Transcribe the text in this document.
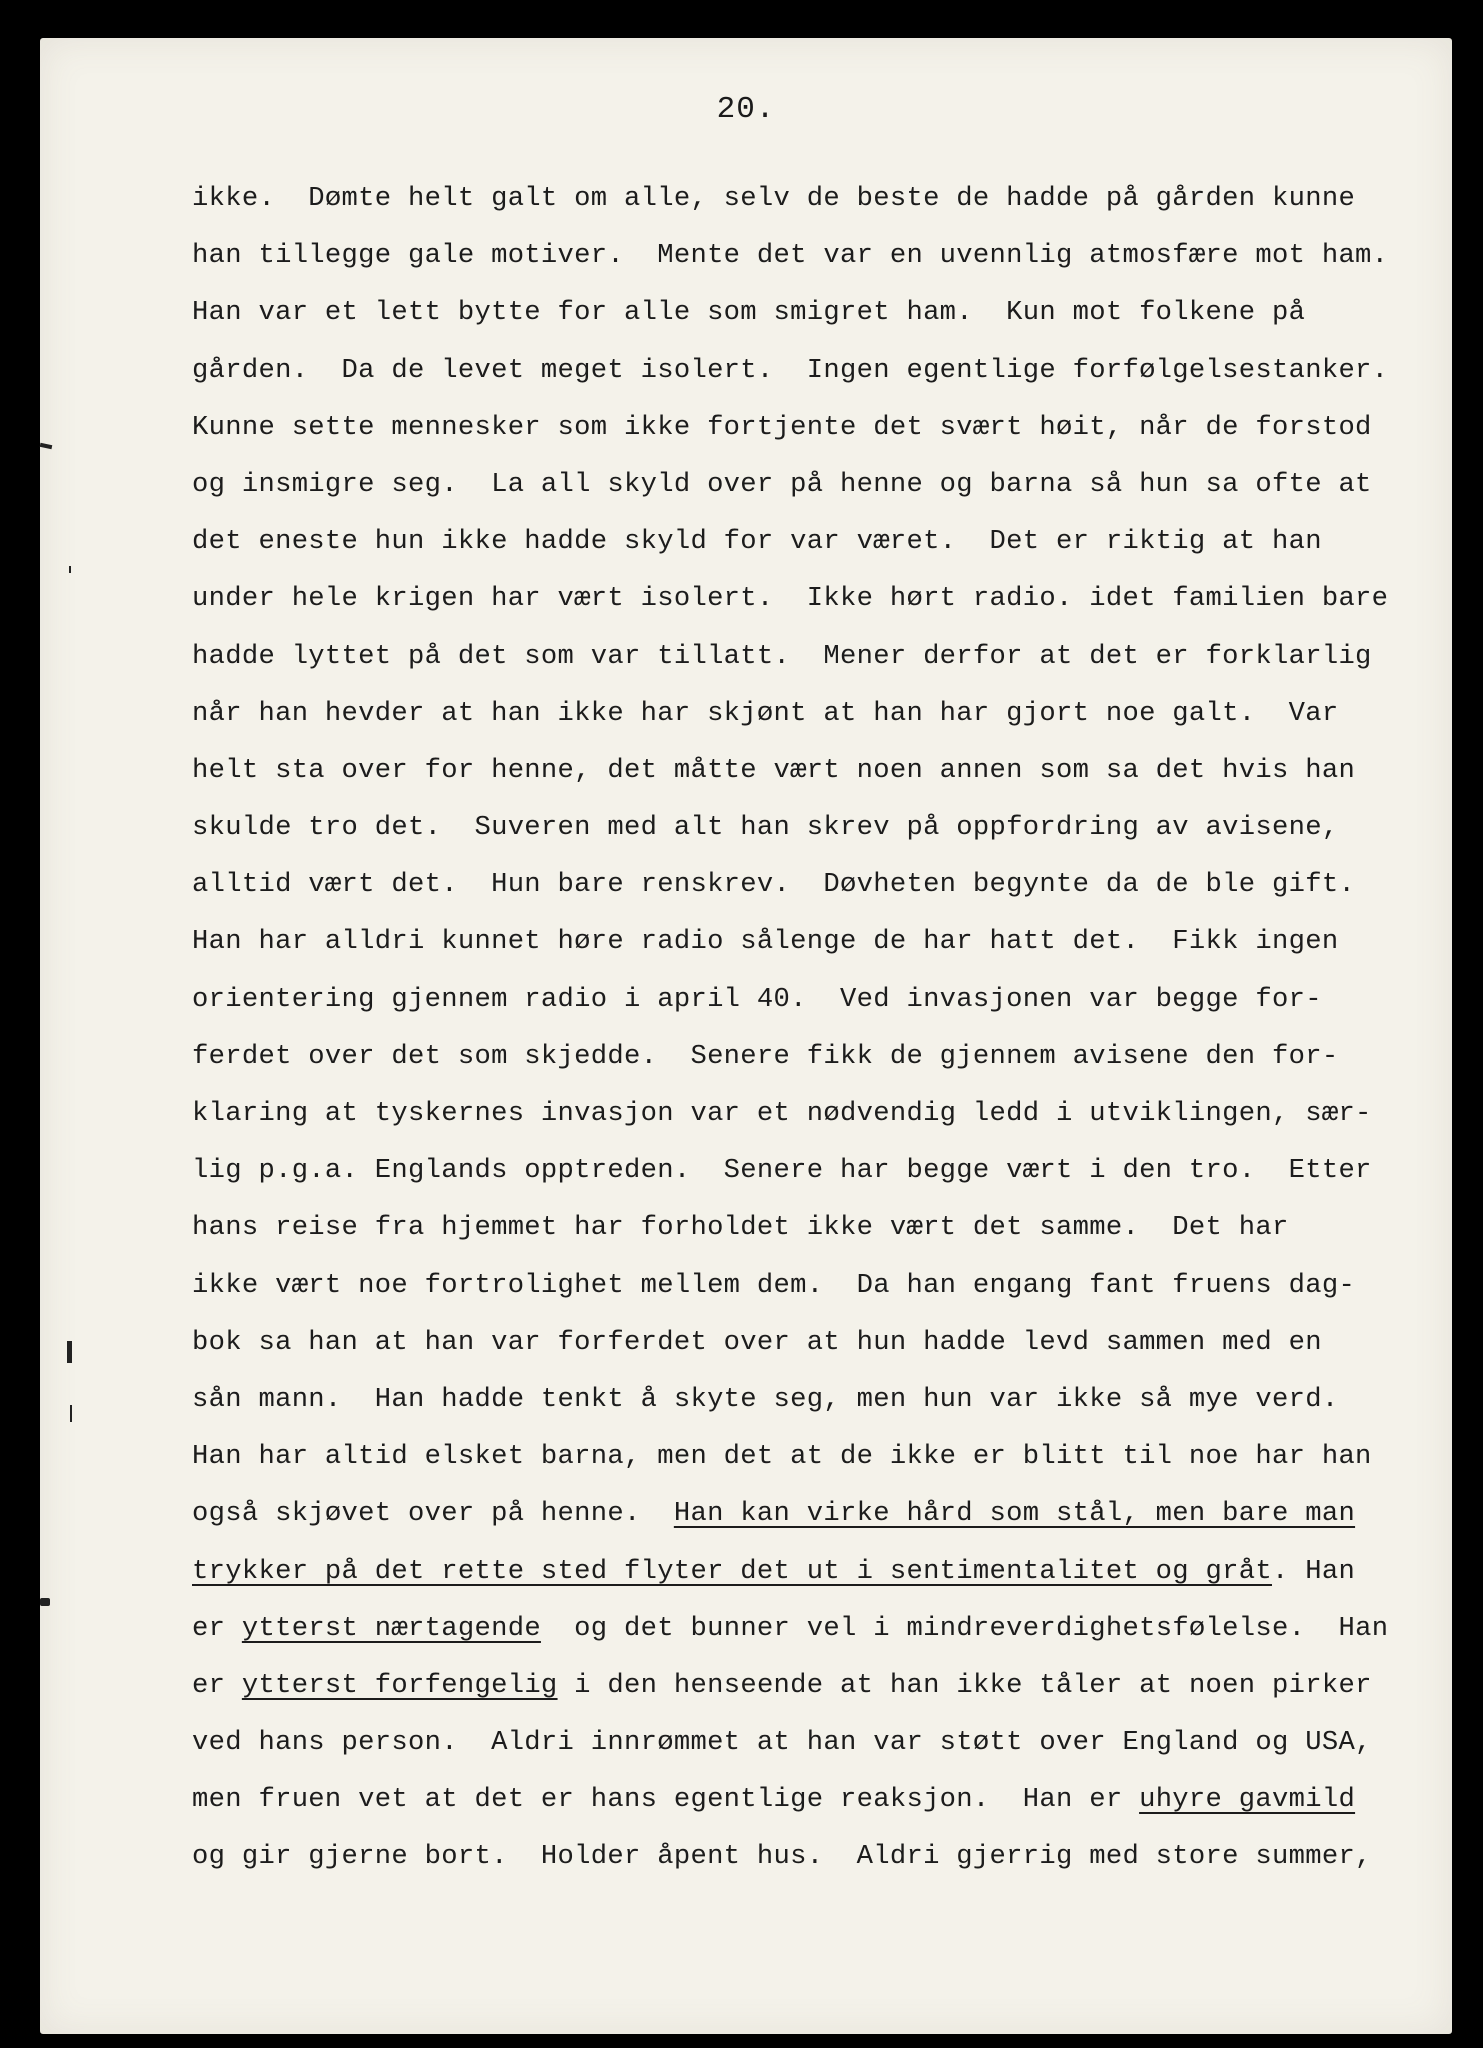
20.
ikke.  Dømte helt galt om alle, selv de beste de hadde på gården kunne
han tillegge gale motiver.  Mente det var en uvennlig atmosfære mot ham.
Han var et lett bytte for alle som smigret ham.  Kun mot folkene på
gården.  Da de levet meget isolert.  Ingen egentlige forfølgelsestanker.
Kunne sette mennesker som ikke fortjente det svært høit, når de forstod
og insmigre seg.  La all skyld over på henne og barna så hun sa ofte at
det eneste hun ikke hadde skyld for var været.  Det er riktig at han
under hele krigen har vært isolert.  Ikke hørt radio. idet familien bare
hadde lyttet på det som var tillatt.  Mener derfor at det er forklarlig
når han hevder at han ikke har skjønt at han har gjort noe galt.  Var
helt sta over for henne, det måtte vært noen annen som sa det hvis han
skulde tro det.  Suveren med alt han skrev på oppfordring av avisene,
alltid vært det.  Hun bare renskrev.  Døvheten begynte da de ble gift.
Han har alldri kunnet høre radio sålenge de har hatt det.  Fikk ingen
orientering gjennem radio i april 40.  Ved invasjonen var begge for-
ferdet over det som skjedde.  Senere fikk de gjennem avisene den for-
klaring at tyskernes invasjon var et nødvendig ledd i utviklingen, sær-
lig p.g.a. Englands opptreden.  Senere har begge vært i den tro.  Etter
hans reise fra hjemmet har forholdet ikke vært det samme.  Det har
ikke vært noe fortrolighet mellem dem.  Da han engang fant fruens dag-
bok sa han at han var forferdet over at hun hadde levd sammen med en
sån mann.  Han hadde tenkt å skyte seg, men hun var ikke så mye verd.
Han har altid elsket barna, men det at de ikke er blitt til noe har han
også skjøvet over på henne.  Han kan virke hård som stål, men bare man
trykker på det rette sted flyter det ut i sentimentalitet og gråt. Han
er ytterst nærtagende  og det bunner vel i mindreverdighetsfølelse.  Han
er ytterst forfengelig i den henseende at han ikke tåler at noen pirker
ved hans person.  Aldri innrømmet at han var støtt over England og USA,
men fruen vet at det er hans egentlige reaksjon.  Han er uhyre gavmild
og gir gjerne bort.  Holder åpent hus.  Aldri gjerrig med store summer,
